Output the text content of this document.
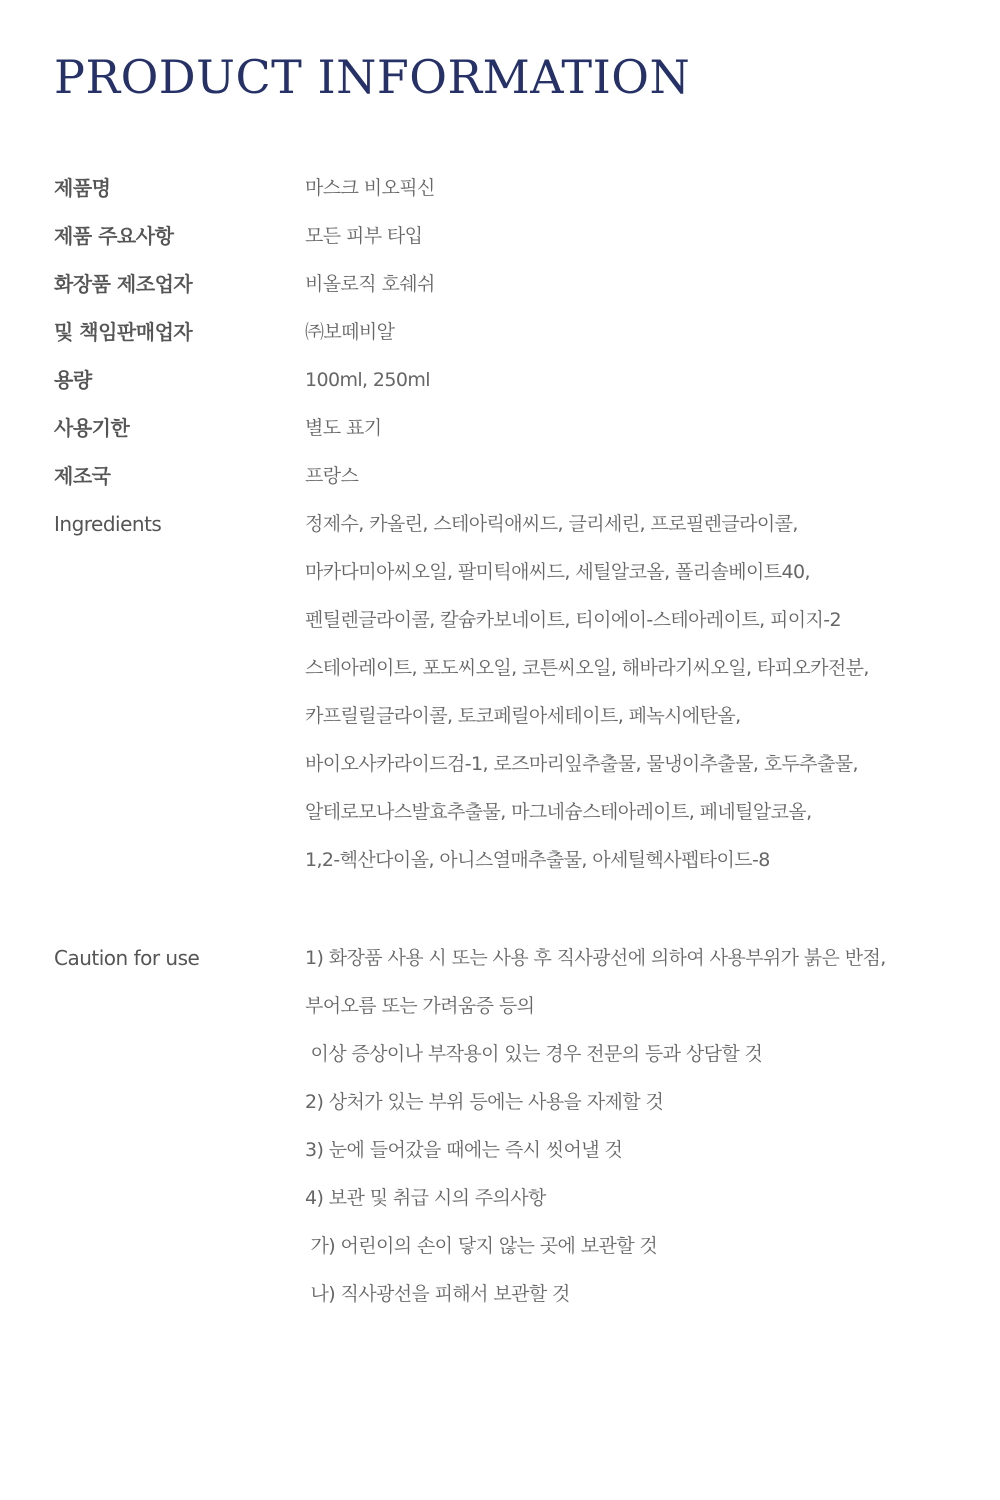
PRODUCT INFORMATION
제품명	마스크 비오픽신
제품 주요사항	모든 피부 타입
화장품 제조업자	비올로직 호쉐쉬
및 책임판매업자	㈜보떼비알
용량	100ml, 250ml
사용기한	별도 표기
제조국	프랑스
Ingredients	정제수, 카올린, 스테아릭애씨드, 글리세린, 프로필렌글라이콜,
마카다미아씨오일, 팔미틱애씨드, 세틸알코올, 폴리솔베이트40,
펜틸렌글라이콜, 칼슘카보네이트, 티이에이-스테아레이트, 피이지-2
스테아레이트, 포도씨오일, 코튼씨오일, 해바라기씨오일, 타피오카전분,
카프릴릴글라이콜, 토코페릴아세테이트, 페녹시에탄올,
바이오사카라이드검-1, 로즈마리잎추출물, 물냉이추출물, 호두추출물,
알테로모나스발효추출물, 마그네슘스테아레이트, 페네틸알코올,
1,2-헥산다이올, 아니스열매추출물, 아세틸헥사펩타이드-8
Caution for use	1) 화장품 사용 시 또는 사용 후 직사광선에 의하여 사용부위가 붉은 반점,
부어오름 또는 가려움증 등의
이상 증상이나 부작용이 있는 경우 전문의 등과 상담할 것
2) 상처가 있는 부위 등에는 사용을 자제할 것
3) 눈에 들어갔을 때에는 즉시 씻어낼 것
4) 보관 및 취급 시의 주의사항
가) 어린이의 손이 닿지 않는 곳에 보관할 것
나) 직사광선을 피해서 보관할 것
